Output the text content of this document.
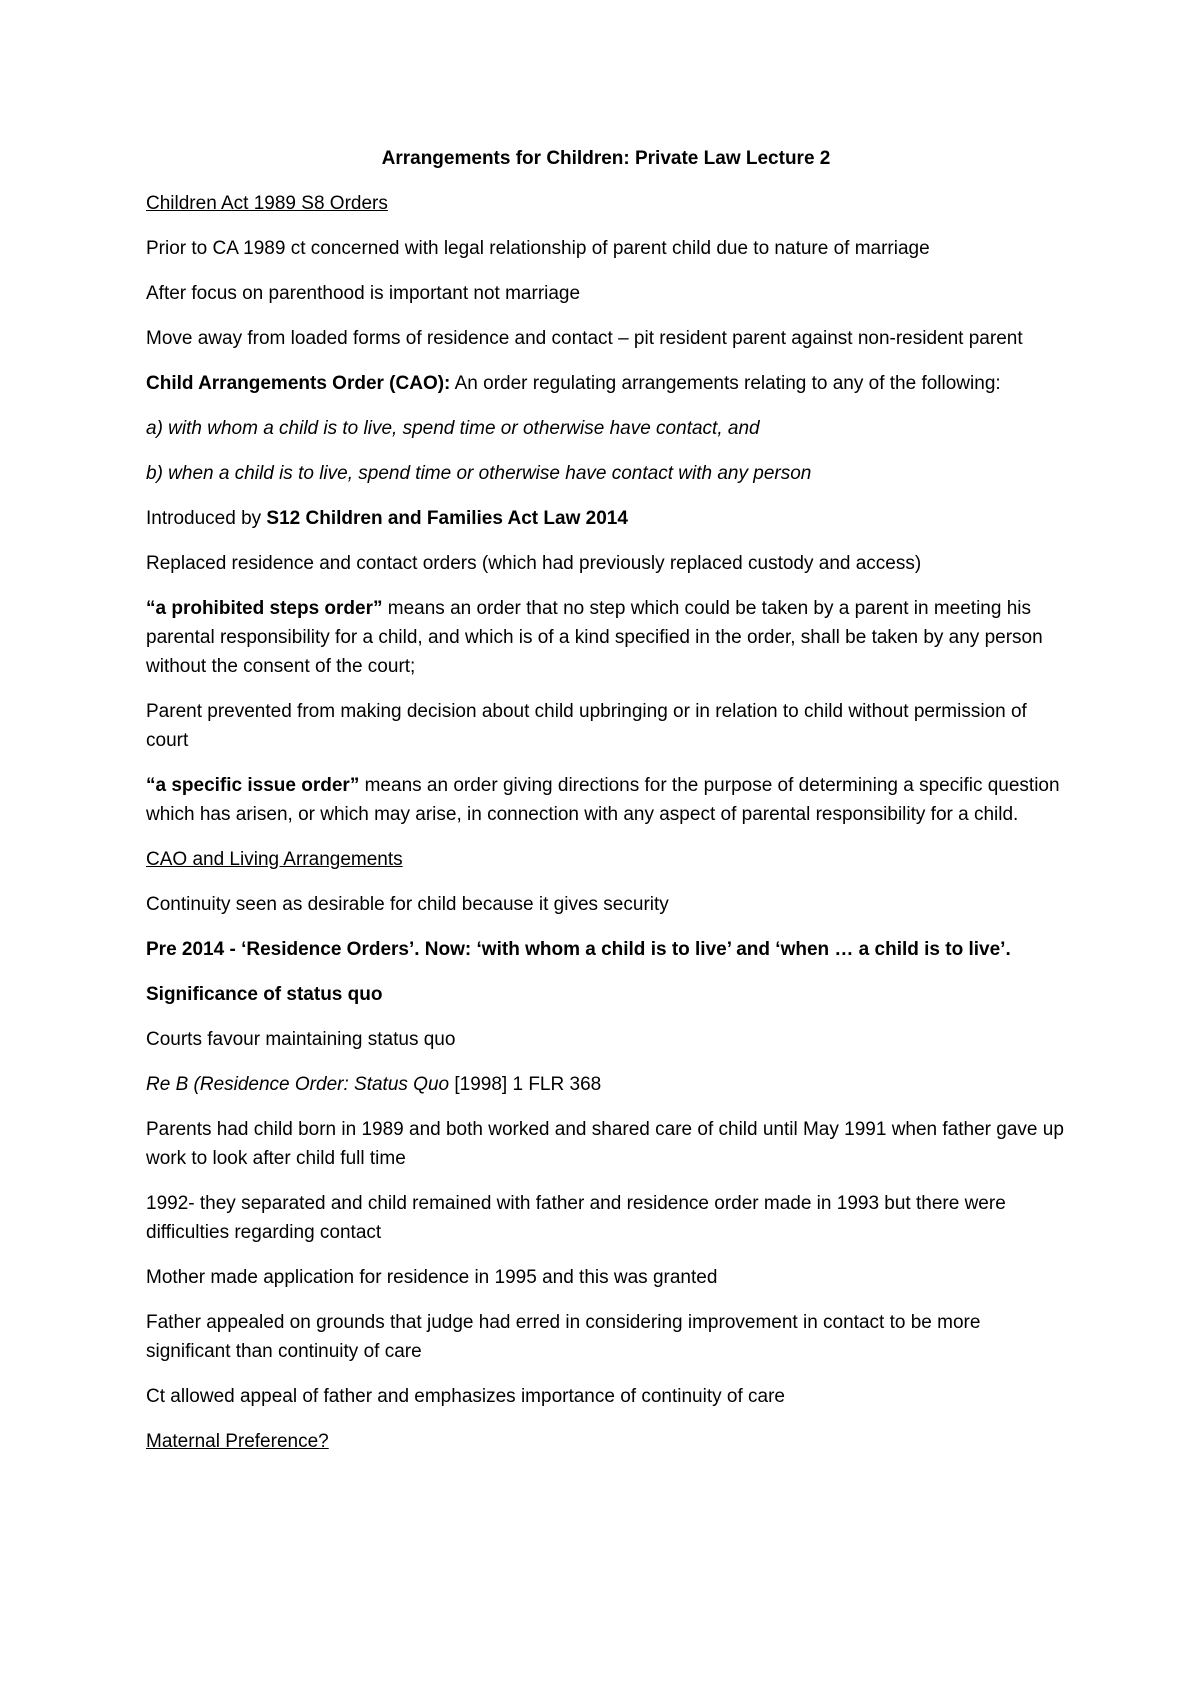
Arrangements for Children: Private Law Lecture 2
Children Act 1989 S8 Orders
Prior to CA 1989 ct concerned with legal relationship of parent child due to nature of marriage
After focus on parenthood is important not marriage
Move away from loaded forms of residence and contact – pit resident parent against non-resident parent
Child Arrangements Order (CAO): An order regulating arrangements relating to any of the following:
a) with whom a child is to live, spend time or otherwise have contact, and
b) when a child is to live, spend time or otherwise have contact with any person
Introduced by S12 Children and Families Act Law 2014
Replaced residence and contact orders (which had previously replaced custody and access)
“a prohibited steps order” means an order that no step which could be taken by a parent in meeting his parental responsibility for a child, and which is of a kind specified in the order, shall be taken by any person without the consent of the court;
Parent prevented from making decision about child upbringing or in relation to child without permission of court
“a specific issue order” means an order giving directions for the purpose of determining a specific question which has arisen, or which may arise, in connection with any aspect of parental responsibility for a child.
CAO and Living Arrangements
Continuity seen as desirable for child because it gives security
Pre 2014 - ‘Residence Orders’. Now: ‘with whom a child is to live’ and ‘when … a child is to live’.
Significance of status quo
Courts favour maintaining status quo
Re B (Residence Order: Status Quo [1998] 1 FLR 368
Parents had child born in 1989 and both worked and shared care of child until May 1991 when father gave up work to look after child full time
1992- they separated and child remained with father and residence order made in 1993 but there were difficulties regarding contact
Mother made application for residence in 1995 and this was granted
Father appealed on grounds that judge had erred in considering improvement in contact to be more significant than continuity of care
Ct allowed appeal of father and emphasizes importance of continuity of care
Maternal Preference?
